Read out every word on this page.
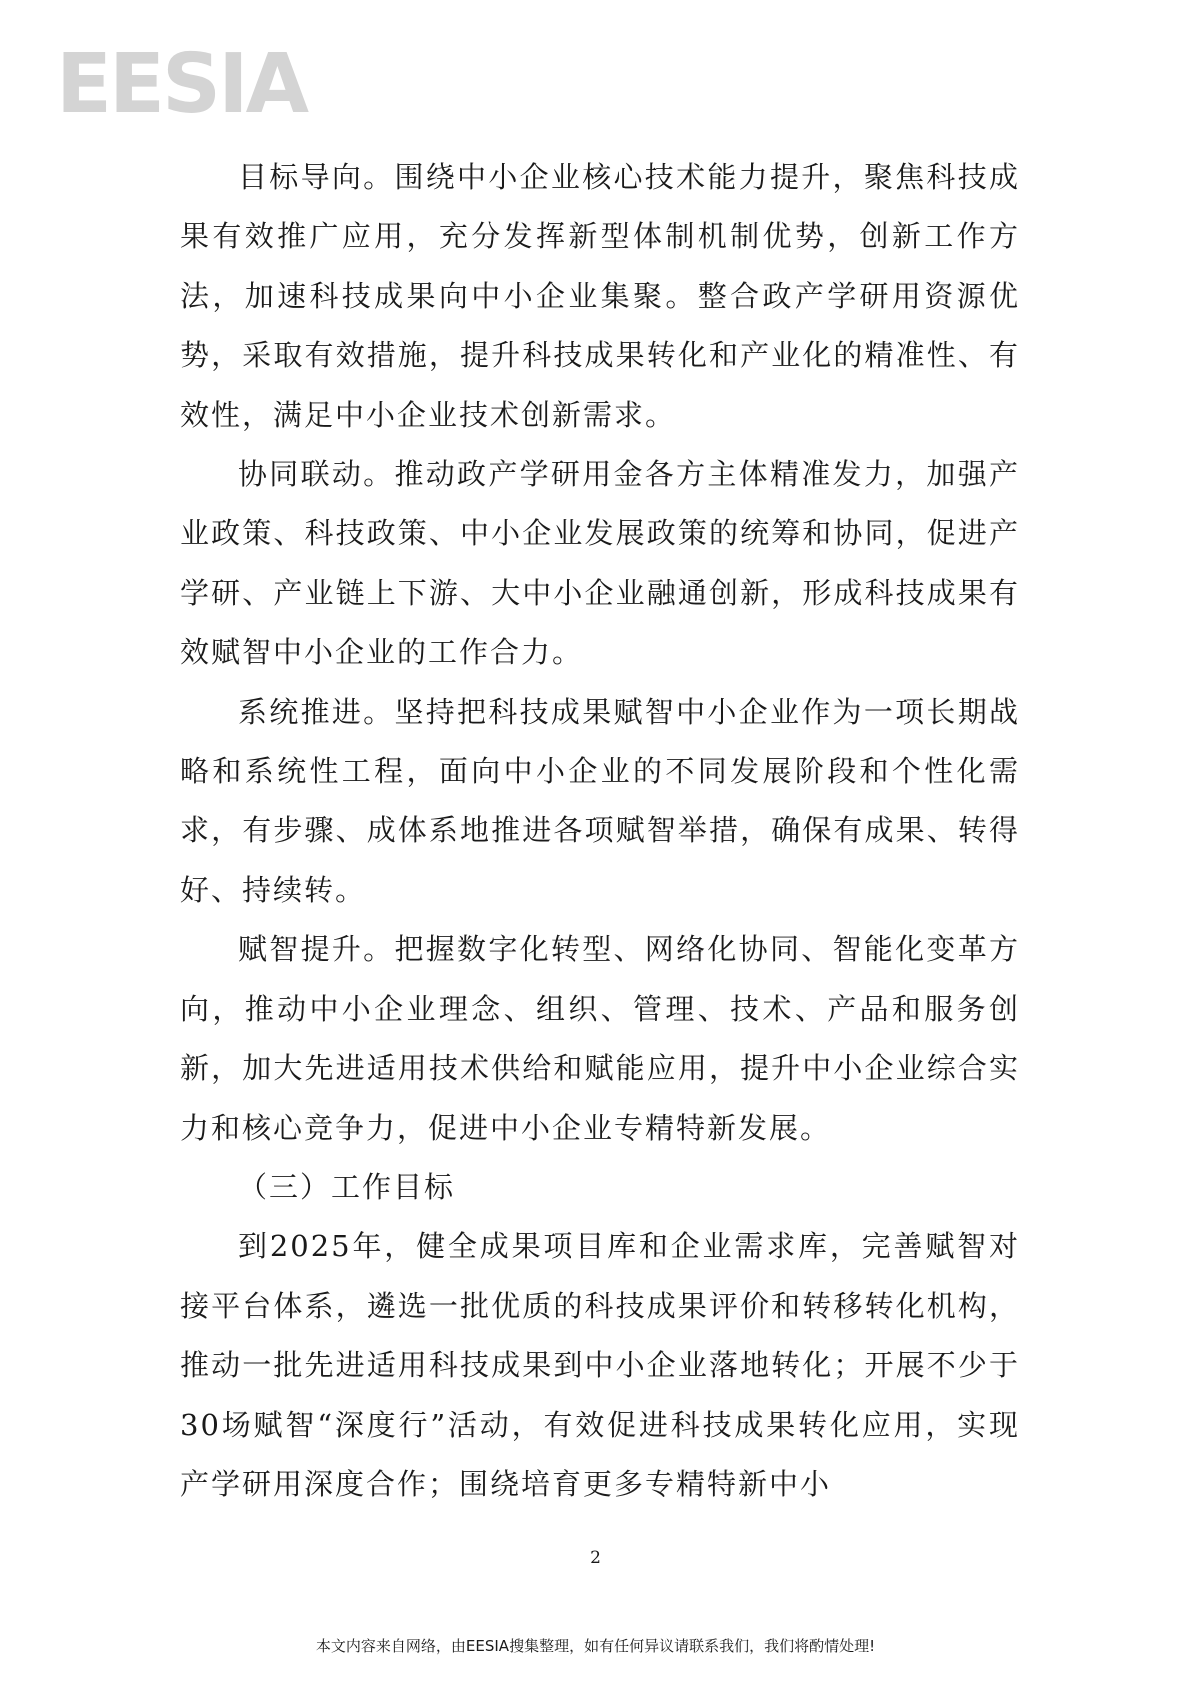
EESIA

目标导向。围绕中小企业核心技术能力提升，聚焦科技成果有效推广应用，充分发挥新型体制机制优势，创新工作方法，加速科技成果向中小企业集聚。整合政产学研用资源优势，采取有效措施，提升科技成果转化和产业化的精准性、有效性，满足中小企业技术创新需求。

协同联动。推动政产学研用金各方主体精准发力，加强产业政策、科技政策、中小企业发展政策的统筹和协同，促进产学研、产业链上下游、大中小企业融通创新，形成科技成果有效赋智中小企业的工作合力。

系统推进。坚持把科技成果赋智中小企业作为一项长期战略和系统性工程，面向中小企业的不同发展阶段和个性化需求，有步骤、成体系地推进各项赋智举措，确保有成果、转得好、持续转。

赋智提升。把握数字化转型、网络化协同、智能化变革方向，推动中小企业理念、组织、管理、技术、产品和服务创新，加大先进适用技术供给和赋能应用，提升中小企业综合实力和核心竞争力，促进中小企业专精特新发展。

（三）工作目标

到2025年，健全成果项目库和企业需求库，完善赋智对接平台体系，遴选一批优质的科技成果评价和转移转化机构，推动一批先进适用科技成果到中小企业落地转化；开展不少于30场赋智“深度行”活动，有效促进科技成果转化应用，实现产学研用深度合作；围绕培育更多专精特新中小

2
本文内容来自网络，由EESIA搜集整理，如有任何异议请联系我们，我们将酌情处理!
